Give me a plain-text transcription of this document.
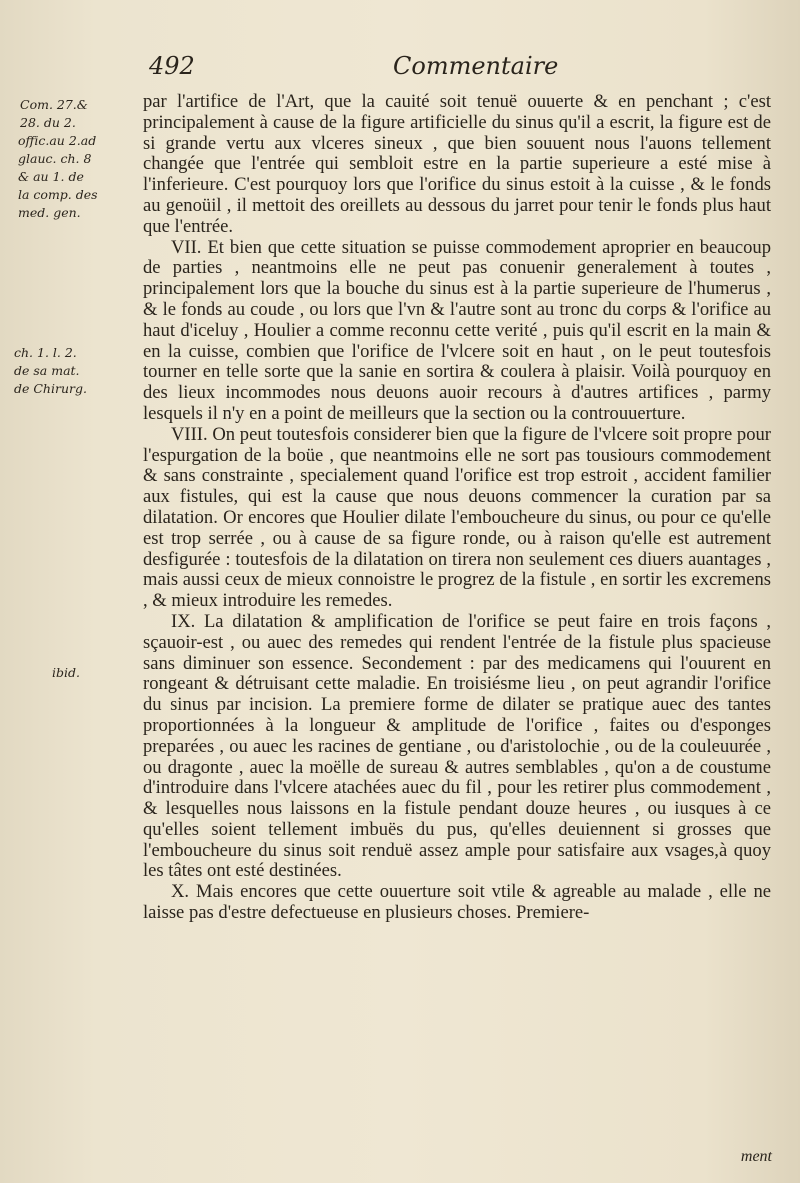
492	Commentaire
Com. 27.&
28. du 2.
offic.au 2.ad
glauc. ch. 8
& au 1. de
la comp. des
med. gen.
ch. 1. l. 2.
de sa mat.
de Chirurg.
ibid.

par l'artifice de l'Art, que la cauité soit tenuë ouuerte & en penchant ; c'est principalement à cause de la figure artificielle du sinus qu'il a escrit, la figure est de si grande vertu aux vlceres sineux , que bien souuent nous l'auons tellement changée que l'entrée qui sembloit estre en la partie superieure a esté mise à l'inferieure. C'est pourquoy lors que l'orifice du sinus estoit à la cuisse , & le fonds au genoüil , il mettoit des oreillets au dessous du jarret pour tenir le fonds plus haut que l'entrée.

VII. Et bien que cette situation se puisse commodement aproprier en beaucoup de parties , neantmoins elle ne peut pas conuenir generalement à toutes , principalement lors que la bouche du sinus est à la partie superieure de l'humerus , & le fonds au coude , ou lors que l'vn & l'autre sont au tronc du corps & l'orifice au haut d'iceluy , Houlier a comme reconnu cette verité , puis qu'il escrit en la main & en la cuisse, combien que l'orifice de l'vlcere soit en haut , on le peut toutesfois tourner en telle sorte que la sanie en sortira & coulera à plaisir. Voilà pourquoy en des lieux incommodes nous deuons auoir recours à d'autres artifices , parmy lesquels il n'y en a point de meilleurs que la section ou la controuuerture.

VIII. On peut toutesfois considerer bien que la figure de l'vlcere soit propre pour l'espurgation de la boüe , que neantmoins elle ne sort pas tousiours commodement & sans constrainte , specialement quand l'orifice est trop estroit , accident familier aux fistules, qui est la cause que nous deuons commencer la curation par sa dilatation. Or encores que Houlier dilate l'emboucheure du sinus, ou pour ce qu'elle est trop serrée , ou à cause de sa figure ronde, ou à raison qu'elle est autrement desfigurée : toutesfois de la dilatation on tirera non seulement ces diuers auantages , mais aussi ceux de mieux connoistre le progrez de la fistule , en sortir les excremens , & mieux introduire les remedes.

IX. La dilatation & amplification de l'orifice se peut faire en trois façons , sçauoir-est , ou auec des remedes qui rendent l'entrée de la fistule plus spacieuse sans diminuer son essence. Secondement : par des medicamens qui l'ouurent en rongeant & détruisant cette maladie. En troisiésme lieu , on peut agrandir l'orifice du sinus par incision. La premiere forme de dilater se pratique auec des tantes proportionnées à la longueur & amplitude de l'orifice , faites ou d'esponges preparées , ou auec les racines de gentiane , ou d'aristolochie , ou de la couleuurée , ou dragonte , auec la moëlle de sureau & autres semblables , qu'on a de coustume d'introduire dans l'vlcere atachées auec du fil , pour les retirer plus commodement , & lesquelles nous laissons en la fistule pendant douze heures , ou iusques à ce qu'elles soient tellement imbuës du pus, qu'elles deuiennent si grosses que l'emboucheure du sinus soit renduë assez ample pour satisfaire aux vsages,à quoy les tâtes ont esté destinées.

X. Mais encores que cette ouuerture soit vtile & agreable au malade , elle ne laisse pas d'estre defectueuse en plusieurs choses. Premiere-

ment
